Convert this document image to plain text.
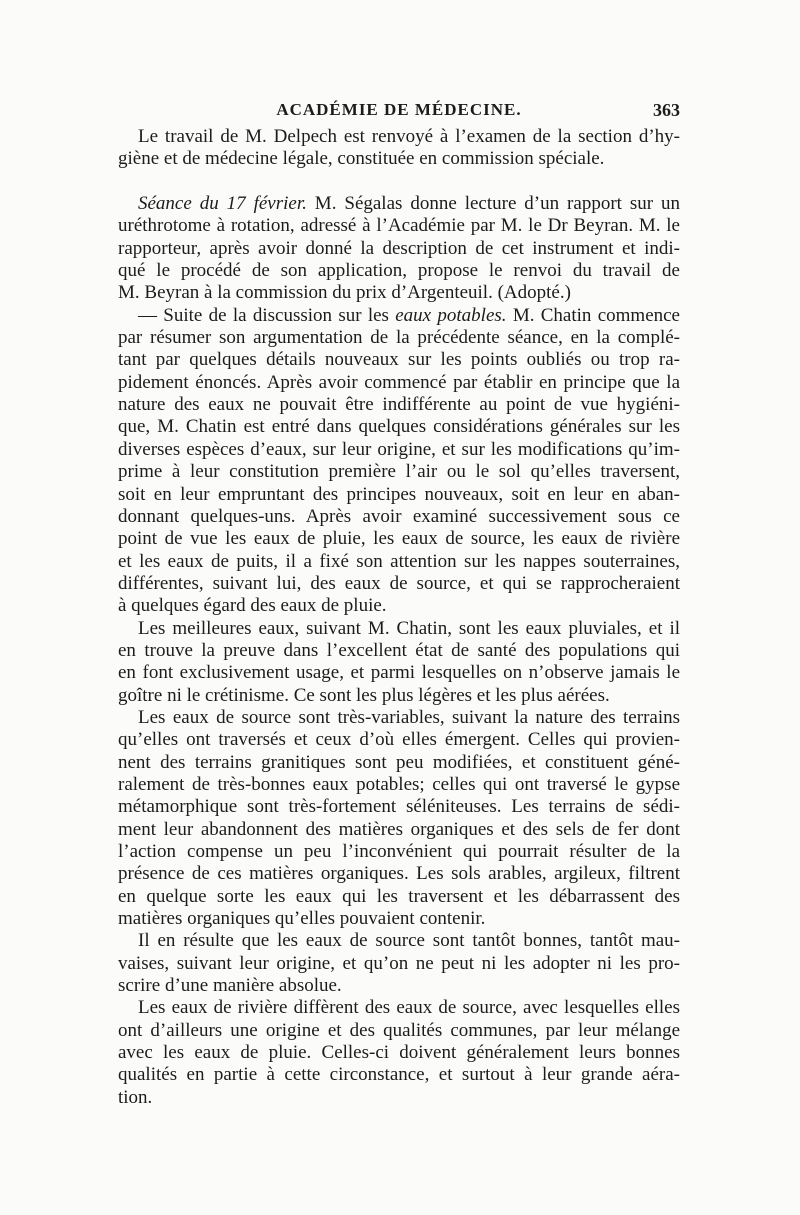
ACADÉMIE DE MÉDECINE.	363
Le travail de M. Delpech est renvoyé à l’examen de la section d’hy-
giène et de médecine légale, constituée en commission spéciale.
Séance du 17 février. M. Ségalas donne lecture d’un rapport sur un
uréthrotome à rotation, adressé à l’Académie par M. le Dr Beyran. M. le
rapporteur, après avoir donné la description de cet instrument et indi-
qué le procédé de son application, propose le renvoi du travail de
M. Beyran à la commission du prix d’Argenteuil. (Adopté.)
— Suite de la discussion sur les eaux potables. M. Chatin commence
par résumer son argumentation de la précédente séance, en la complé-
tant par quelques détails nouveaux sur les points oubliés ou trop ra-
pidement énoncés. Après avoir commencé par établir en principe que la
nature des eaux ne pouvait être indifférente au point de vue hygiéni-
que, M. Chatin est entré dans quelques considérations générales sur les
diverses espèces d’eaux, sur leur origine, et sur les modifications qu’im-
prime à leur constitution première l’air ou le sol qu’elles traversent,
soit en leur empruntant des principes nouveaux, soit en leur en aban-
donnant quelques-uns. Après avoir examiné successivement sous ce
point de vue les eaux de pluie, les eaux de source, les eaux de rivière
et les eaux de puits, il a fixé son attention sur les nappes souterraines,
différentes, suivant lui, des eaux de source, et qui se rapprocheraient
à quelques égard des eaux de pluie.
Les meilleures eaux, suivant M. Chatin, sont les eaux pluviales, et il
en trouve la preuve dans l’excellent état de santé des populations qui
en font exclusivement usage, et parmi lesquelles on n’observe jamais le
goître ni le crétinisme. Ce sont les plus légères et les plus aérées.
Les eaux de source sont très-variables, suivant la nature des terrains
qu’elles ont traversés et ceux d’où elles émergent. Celles qui provien-
nent des terrains granitiques sont peu modifiées, et constituent géné-
ralement de très-bonnes eaux potables; celles qui ont traversé le gypse
métamorphique sont très-fortement séléniteuses. Les terrains de sédi-
ment leur abandonnent des matières organiques et des sels de fer dont
l’action compense un peu l’inconvénient qui pourrait résulter de la
présence de ces matières organiques. Les sols arables, argileux, filtrent
en quelque sorte les eaux qui les traversent et les débarrassent des
matières organiques qu’elles pouvaient contenir.
Il en résulte que les eaux de source sont tantôt bonnes, tantôt mau-
vaises, suivant leur origine, et qu’on ne peut ni les adopter ni les pro-
scrire d’une manière absolue.
Les eaux de rivière diffèrent des eaux de source, avec lesquelles elles
ont d’ailleurs une origine et des qualités communes, par leur mélange
avec les eaux de pluie. Celles-ci doivent généralement leurs bonnes
qualités en partie à cette circonstance, et surtout à leur grande aéra-
tion.
